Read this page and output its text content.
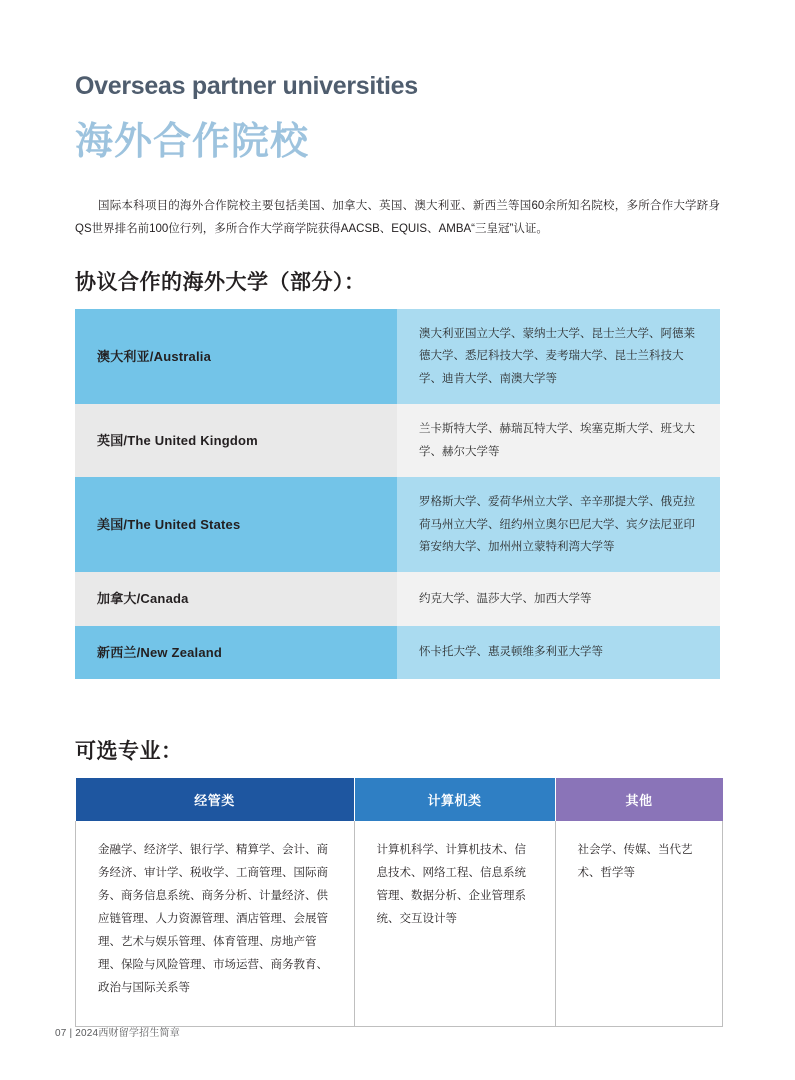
Overseas partner universities
海外合作院校
国际本科项目的海外合作院校主要包括美国、加拿大、英国、澳大利亚、新西兰等国60余所知名院校，多所合作大学跻身QS世界排名前100位行列，多所合作大学商学院获得AACSB、EQUIS、AMBA“三皇冠”认证。
协议合作的海外大学（部分）：
澳大利亚/Australia	澳大利亚国立大学、蒙纳士大学、昆士兰大学、阿德莱德大学、悉尼科技大学、麦考瑞大学、昆士兰科技大学、迪肯大学、南澳大学等
英国/The United Kingdom	兰卡斯特大学、赫瑞瓦特大学、埃塞克斯大学、班戈大学、赫尔大学等
美国/The United States	罗格斯大学、爱荷华州立大学、辛辛那提大学、俄克拉荷马州立大学、纽约州立奥尔巴尼大学、宾夕法尼亚印第安纳大学、加州州立蒙特利湾大学等
加拿大/Canada	约克大学、温莎大学、加西大学等
新西兰/New Zealand	怀卡托大学、惠灵顿维多利亚大学等
可选专业：
经管类	计算机类	其他
金融学、经济学、银行学、精算学、会计、商务经济、审计学、税收学、工商管理、国际商务、商务信息系统、商务分析、计量经济、供应链管理、人力资源管理、酒店管理、会展管理、艺术与娱乐管理、体育管理、房地产管理、保险与风险管理、市场运营、商务教育、政治与国际关系等	计算机科学、计算机技术、信息技术、网络工程、信息系统管理、数据分析、企业管理系统、交互设计等	社会学、传媒、当代艺术、哲学等
07 | 2024西财留学招生简章
